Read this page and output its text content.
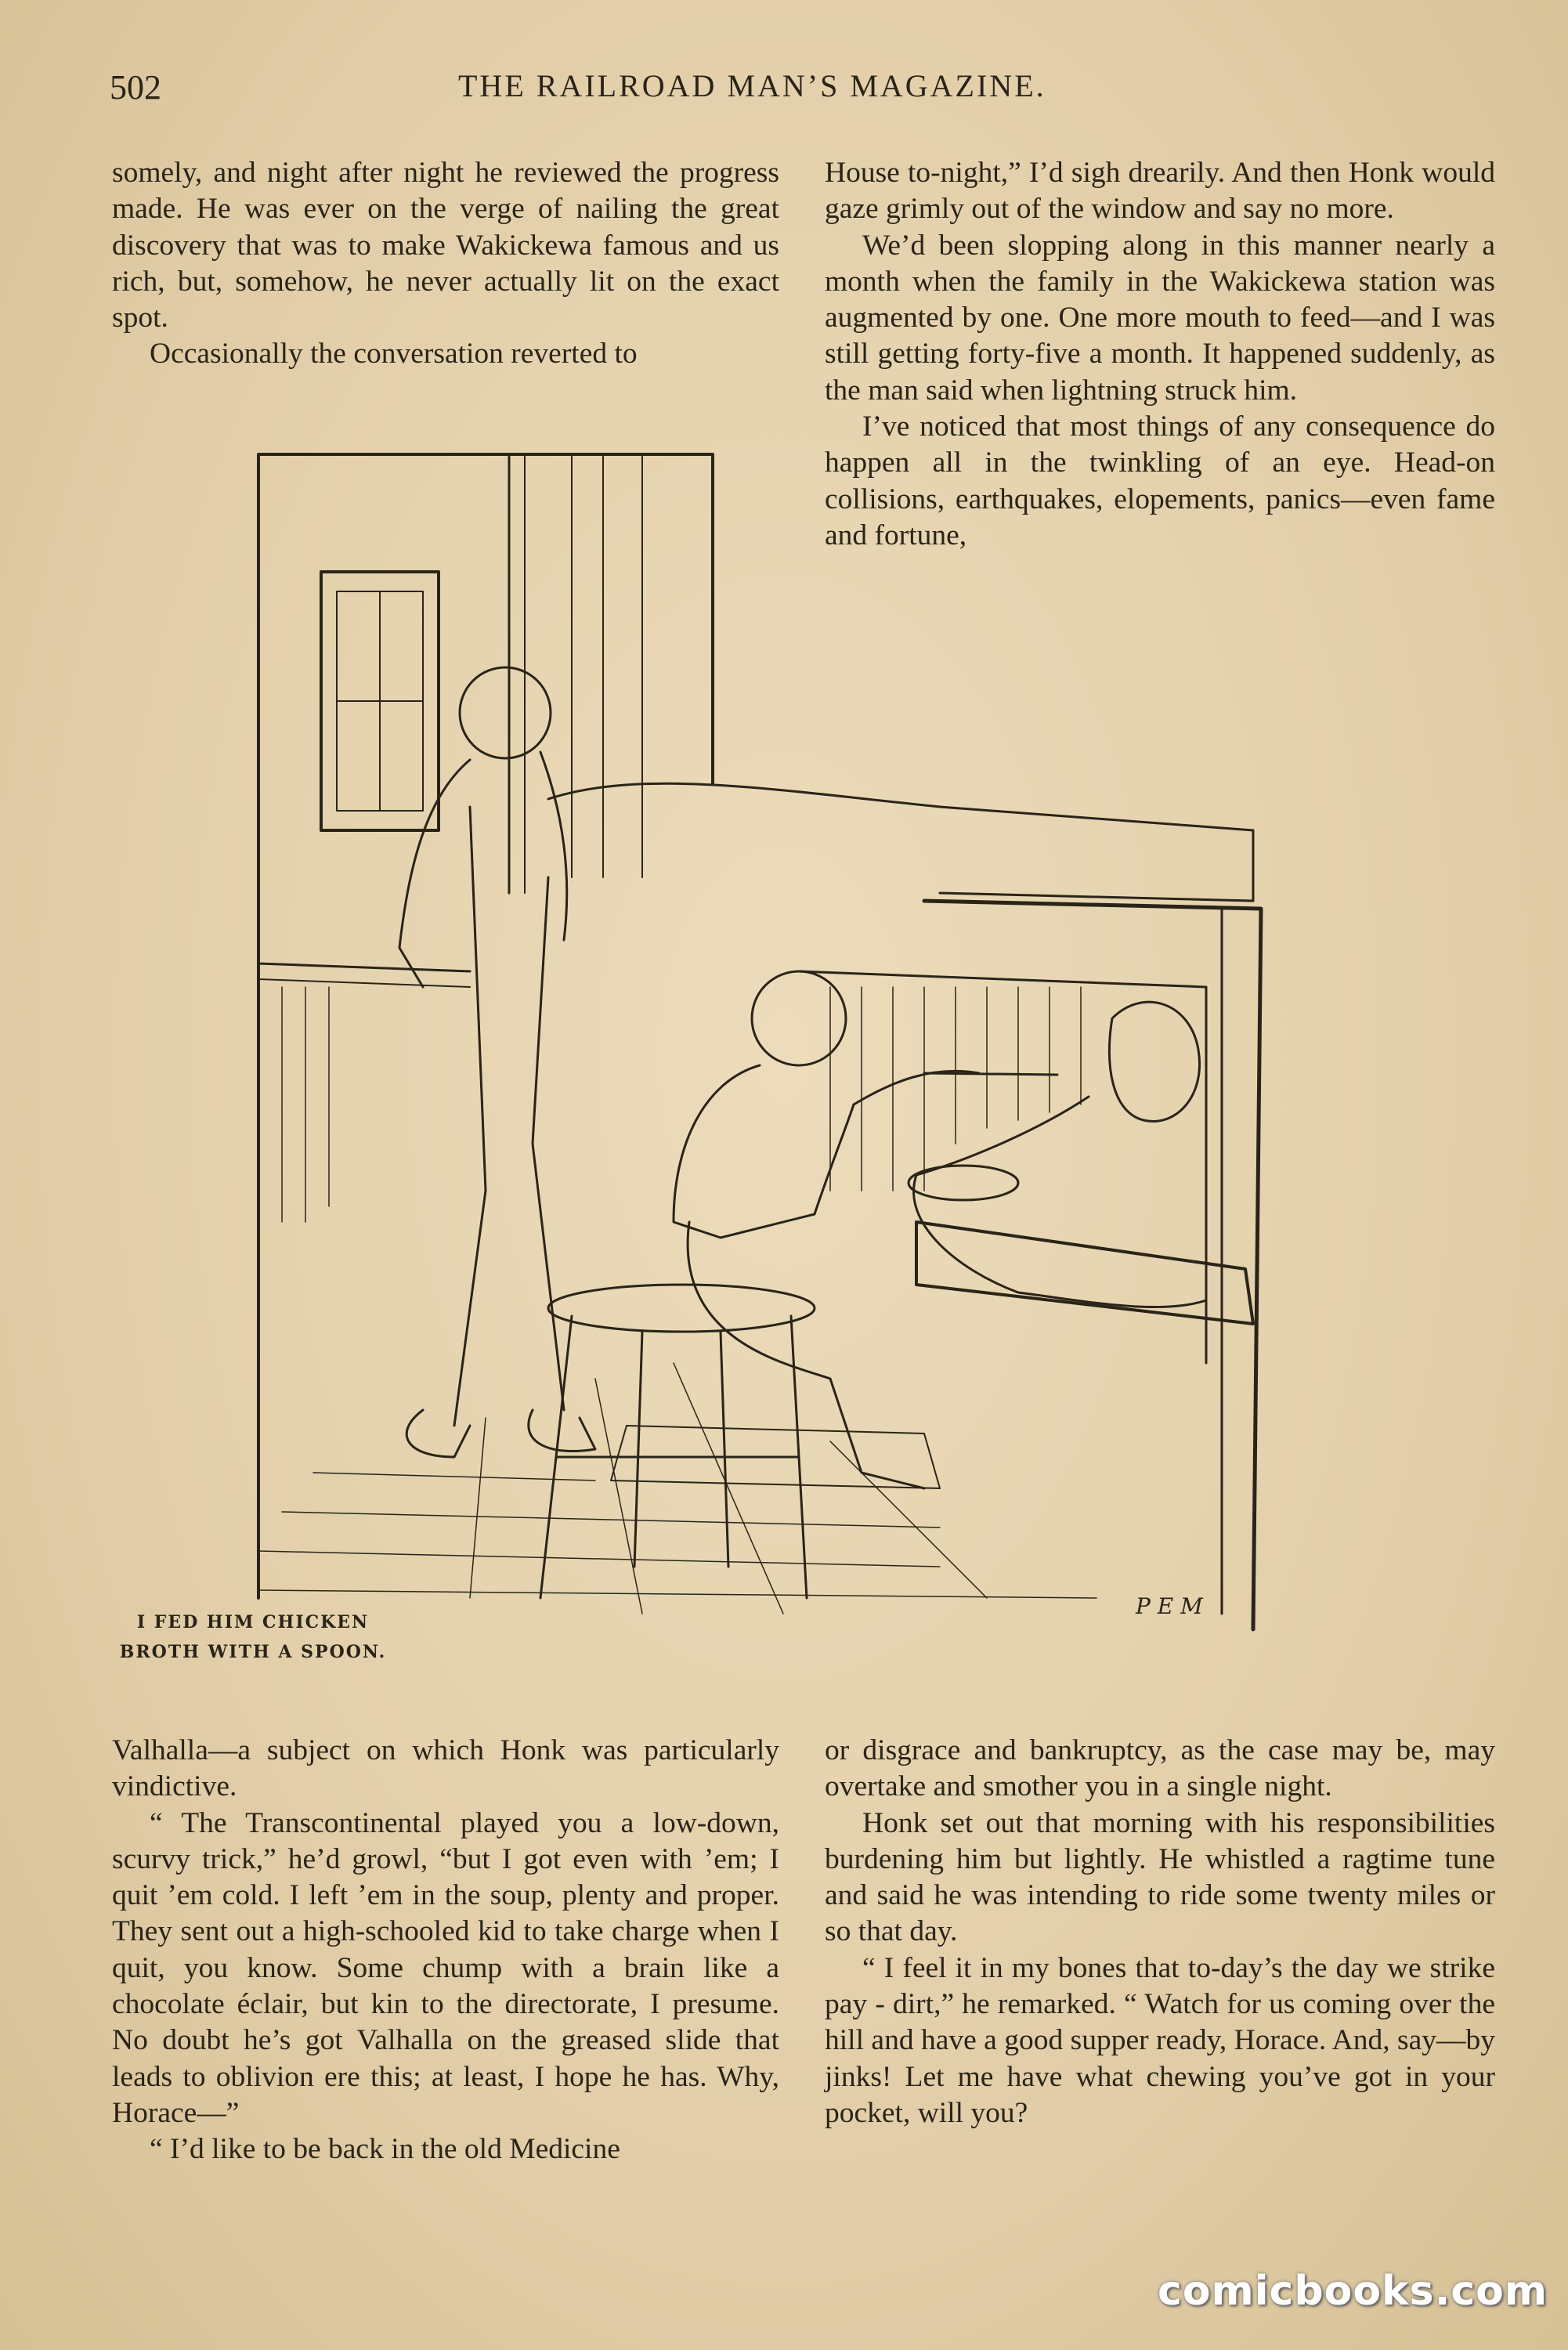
502	THE RAILROAD MAN’S MAGAZINE.

somely, and night after night he reviewed the progress made. He was ever on the verge of nailing the great discovery that was to make Wakickewa famous and us rich, but, somehow, he never actually lit on the exact spot.

Occasionally the conversation reverted to

House to-night,” I’d sigh drearily. And then Honk would gaze grimly out of the window and say no more.

We’d been slopping along in this manner nearly a month when the family in the Wakickewa station was augmented by one. One more mouth to feed—and I was still getting forty-five a month. It happened suddenly, as the man said when lightning struck him.

I’ve noticed that most things of any consequence do happen all in the twinkling of an eye. Head-on collisions, earthquakes, elopements, panics—even fame and fortune,

P E M
I FED HIM CHICKEN BROTH WITH A SPOON.

Valhalla—a subject on which Honk was particularly vindictive.

“ The Transcontinental played you a low-down, scurvy trick,” he’d growl, “but I got even with ’em; I quit ’em cold. I left ’em in the soup, plenty and proper. They sent out a high-schooled kid to take charge when I quit, you know. Some chump with a brain like a chocolate éclair, but kin to the directorate, I presume. No doubt he’s got Valhalla on the greased slide that leads to oblivion ere this; at least, I hope he has. Why, Horace—”

“ I’d like to be back in the old Medicine

or disgrace and bankruptcy, as the case may be, may overtake and smother you in a single night.

Honk set out that morning with his responsibilities burdening him but lightly. He whistled a ragtime tune and said he was intending to ride some twenty miles or so that day.

“ I feel it in my bones that to-day’s the day we strike pay - dirt,” he remarked. “ Watch for us coming over the hill and have a good supper ready, Horace. And, say—by jinks! Let me have what chewing you’ve got in your pocket, will you?

comicbooks.com
